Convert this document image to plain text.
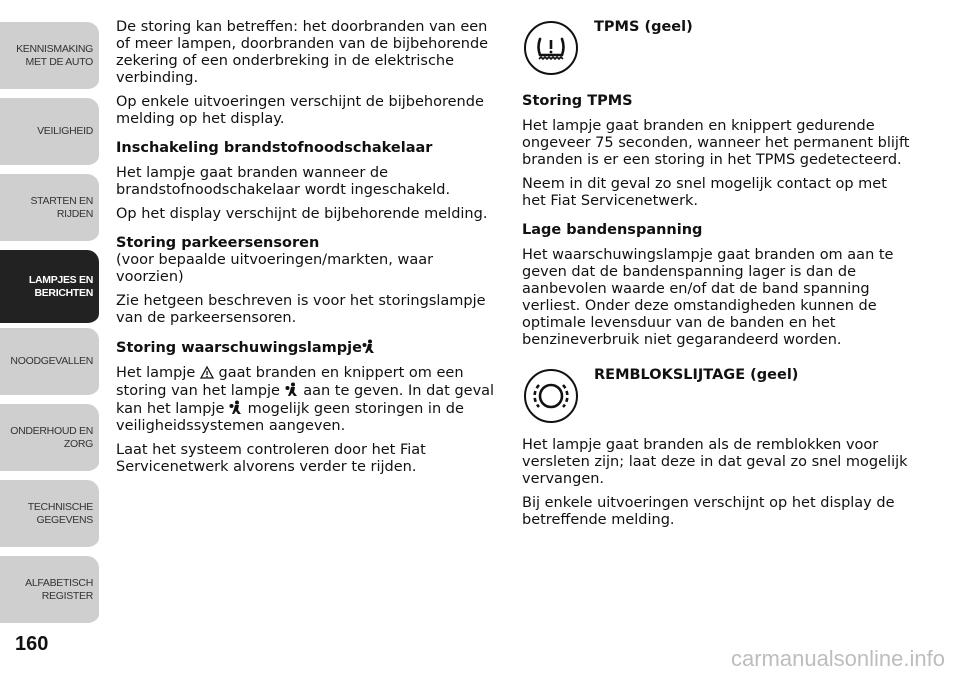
KENNISMAKING
MET DE AUTO
VEILIGHEID
STARTEN EN RIJDEN
LAMPJES EN
BERICHTEN
NOODGEVALLEN
ONDERHOUD EN
ZORG
TECHNISCHE
GEGEVENS
ALFABETISCH
REGISTER
160

De storing kan betreffen: het doorbranden van een of meer lampen, doorbranden van de bijbehorende zekering of een onderbreking in de elektrische verbinding.

Op enkele uitvoeringen verschijnt de bijbehorende melding op het display.

Inschakeling brandstofnoodschakelaar

Het lampje gaat branden wanneer de brandstofnoodschakelaar wordt ingeschakeld.

Op het display verschijnt de bijbehorende melding.

Storing parkeersensoren

(voor bepaalde uitvoeringen/markten, waar voorzien)

Zie hetgeen beschreven is voor het storingslampje van de parkeersensoren.

Storing waarschuwingslampje

Het lampje gaat branden en knippert om een storing van het lampje aan te geven. In dat geval kan het lampje mogelijk geen storingen in de veiligheidssystemen aangeven.

Laat het systeem controleren door het Fiat Servicenetwerk alvorens verder te rijden.

TPMS (geel)
Storing TPMS

Het lampje gaat branden en knippert gedurende ongeveer 75 seconden, wanneer het permanent blijft branden is er een storing in het TPMS gedetecteerd.

Neem in dit geval zo snel mogelijk contact op met het Fiat Servicenetwerk.

Lage bandenspanning

Het waarschuwingslampje gaat branden om aan te geven dat de bandenspanning lager is dan de aanbevolen waarde en/of dat de band spanning verliest. Onder deze omstandigheden kunnen de optimale levensduur van de banden en het benzineverbruik niet gegarandeerd worden.

REMBLOKSLIJTAGE (geel)

Het lampje gaat branden als de remblokken voor versleten zijn; laat deze in dat geval zo snel mogelijk vervangen.

Bij enkele uitvoeringen verschijnt op het display de betreffende melding.

carmanualsonline.info
